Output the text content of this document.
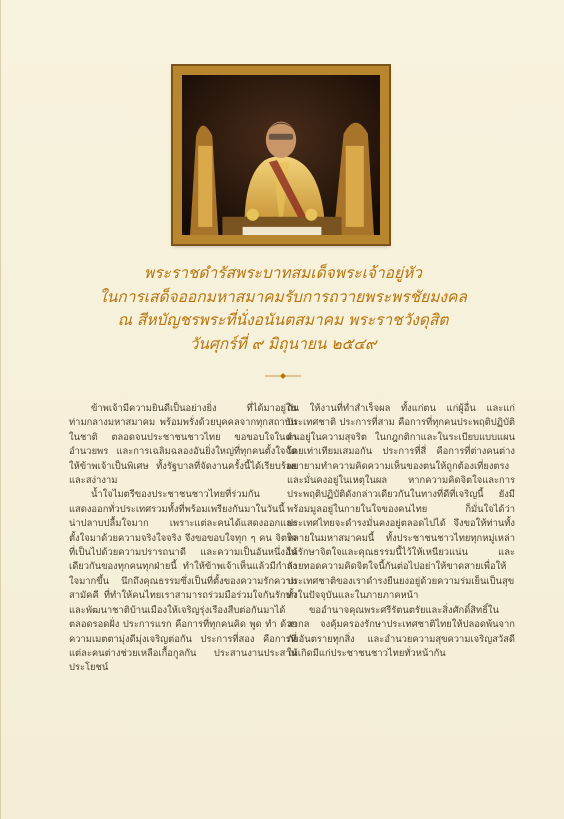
พระราชดำรัสพระบาทสมเด็จพระเจ้าอยู่หัว
ในการเสด็จออกมหาสมาคมรับการถวายพระพรชัยมงคล
ณ สีหบัญชรพระที่นั่งอนันตสมาคม พระราชวังดุสิต
วันศุกร์ที่ ๙ มิถุนายน ๒๕๔๙

ข้าพเจ้ามีความยินดีเป็นอย่างยิ่ง ที่ได้มาอยู่ในท่ามกลางมหาสมาคม พร้อมพรั่งด้วยบุคคลจากทุกสถาบันในชาติ ตลอดจนประชาชนชาวไทย ขอขอบใจในคำอำนวยพร และการเฉลิมฉลองอันยิ่งใหญ่ที่ทุกคนตั้งใจจัดให้ข้าพเจ้าเป็นพิเศษ ทั้งรัฐบาลที่จัดงานครั้งนี้ได้เรียบร้อยและสง่างาม

น้ำใจไมตรีของประชาชนชาวไทยที่ร่วมกันแสดงออกทั่วประเทศรวมทั้งที่พร้อมเพรียงกันมาในวันนี้ น่าปลาบปลื้มใจมาก เพราะแต่ละคนได้แสดงออกและตั้งใจมาด้วยความจริงใจจริง จึงขอขอบใจทุก ๆ คน จิตใจที่เป็นไปด้วยความปรารถนาดี และความเป็นอันหนึ่งอันเดียวกันของทุกคนทุกฝ่ายนี้ ทำให้ข้าพเจ้าเห็นแล้วมีกำลังใจมากขึ้น นึกถึงคุณธรรมซึ่งเป็นที่ตั้งของความรักความสามัคคี ที่ทำให้คนไทยเราสามารถร่วมมือร่วมใจกันรักษาและพัฒนาชาติบ้านเมืองให้เจริญรุ่งเรืองสืบต่อกันมาได้ตลอดรอดฝั่ง ประการแรก คือการที่ทุกคนคิด พูด ทำ ด้วยความเมตตามุ่งดีมุ่งเจริญต่อกัน ประการที่สอง คือการที่แต่ละคนต่างช่วยเหลือเกื้อกูลกัน ประสานงานประสานประโยชน์

กัน ให้งานที่ทำสำเร็จผล ทั้งแก่ตน แก่ผู้อื่น และแก่ประเทศชาติ ประการที่สาม คือการที่ทุกคนประพฤติปฏิบัติตนอยู่ในความสุจริต ในกฎกติกาและในระเบียบแบบแผนโดยเท่าเทียมเสมอกัน ประการที่สี่ คือการที่ต่างคนต่างพยายามทำความคิดความเห็นของตนให้ถูกต้องเที่ยงตรงและมั่นคงอยู่ในเหตุในผล หากความคิดจิตใจและการประพฤติปฏิบัติดังกล่าวเดียวกันในทางที่ดีที่เจริญนี้ ยังมีพร้อมมูลอยู่ในกายในใจของคนไทย ก็มั่นใจได้ว่าประเทศไทยจะดำรงมั่นคงอยู่ตลอดไปได้ จึงขอให้ท่านทั้งหลายในมหาสมาคมนี้ ทั้งประชาชนชาวไทยทุกหมู่เหล่าได้รักษาจิตใจและคุณธรรมนี้ไว้ให้เหนียวแน่น และถ่ายทอดความคิดจิตใจนี้กันต่อไปอย่าให้ขาดสายเพื่อให้ประเทศชาติของเราดำรงยืนยงอยู่ด้วยความร่มเย็นเป็นสุข ทั้งในปัจจุบันและในภายภาคหน้า

ขออำนาจคุณพระศรีรัตนตรัยและสิ่งศักดิ์สิทธิ์ในสากล จงคุ้มครองรักษาประเทศชาติไทยให้ปลอดพ้นจากภัยอันตรายทุกสิ่ง และอำนวยความสุขความเจริญสวัสดีให้เกิดมีแก่ประชาชนชาวไทยทั่วหน้ากัน
